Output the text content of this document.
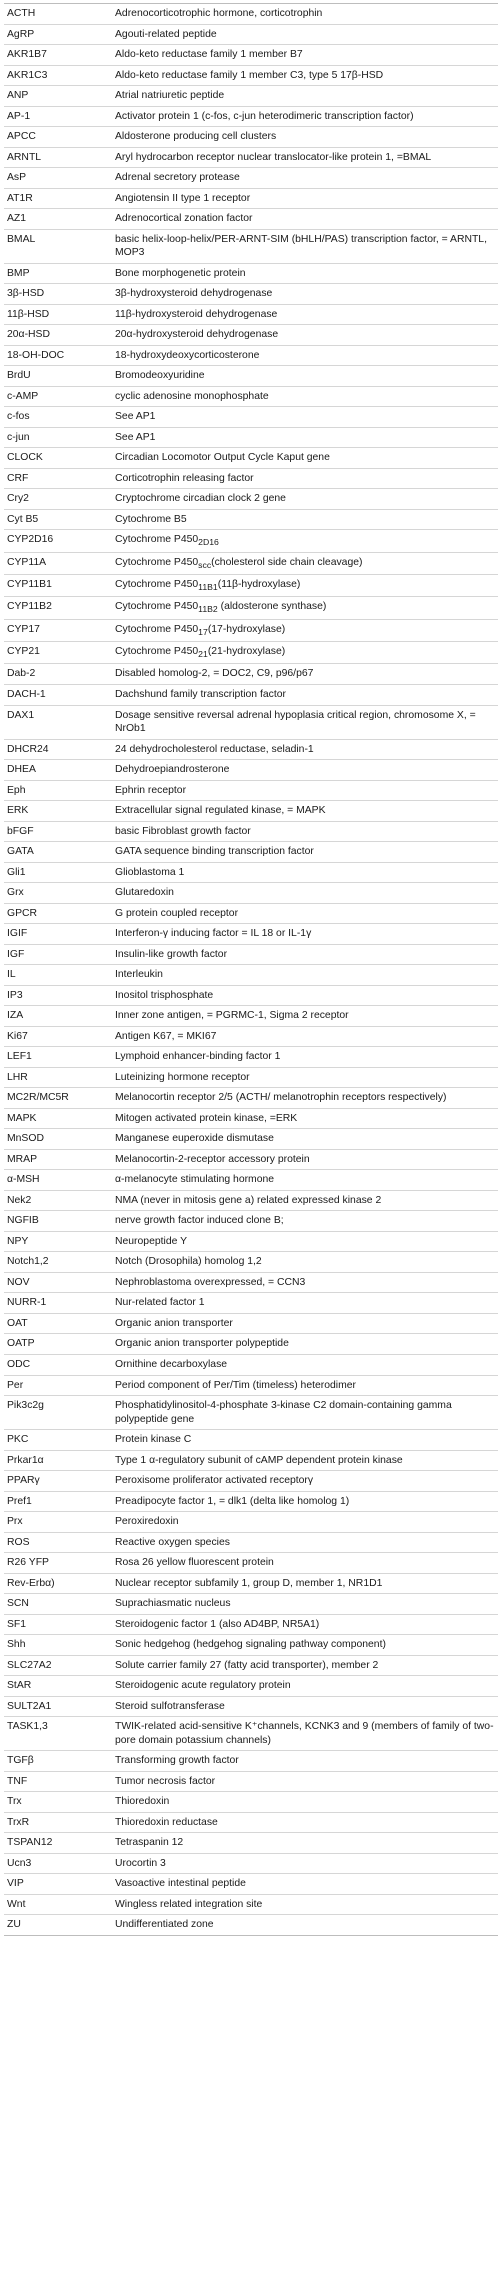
ACTH	Adrenocorticotrophic hormone, corticotrophin
AgRP	Agouti-related peptide
AKR1B7	Aldo-keto reductase family 1 member B7
AKR1C3	Aldo-keto reductase family 1 member C3, type 5 17β-HSD
ANP	Atrial natriuretic peptide
AP-1	Activator protein 1 (c-fos, c-jun heterodimeric transcription factor)
APCC	Aldosterone producing cell clusters
ARNTL	Aryl hydrocarbon receptor nuclear translocator-like protein 1, =BMAL
AsP	Adrenal secretory protease
AT1R	Angiotensin II type 1 receptor
AZ1	Adrenocortical zonation factor
BMAL	basic helix-loop-helix/PER-ARNT-SIM (bHLH/PAS) transcription factor, = ARNTL, MOP3
BMP	Bone morphogenetic protein
3β-HSD	3β-hydroxysteroid dehydrogenase
11β-HSD	11β-hydroxysteroid dehydrogenase
20α-HSD	20α-hydroxysteroid dehydrogenase
18-OH-DOC	18-hydroxydeoxycorticosterone
BrdU	Bromodeoxyuridine
c-AMP	cyclic adenosine monophosphate
c-fos	See AP1
c-jun	See AP1
CLOCK	Circadian Locomotor Output Cycle Kaput gene
CRF	Corticotrophin releasing factor
Cry2	Cryptochrome circadian clock 2 gene
Cyt B5	Cytochrome B5
CYP2D16	Cytochrome $P450_{2D16}$
CYP11A	Cytochrome $P450_{scc}(cholesterol$ side chain cleavage)
CYP11B1	Cytochrome $P450_{11B1}(11\beta-hydroxylase)$
CYP11B2	Cytochrome $P450_{11B2}$ (aldosterone synthase)
CYP17	Cytochrome $P450_{17}(17-hydroxylase)$
CYP21	Cytochrome $P450_{21}(21-hydroxylase)$
Dab-2	Disabled homolog-2, = DOC2, C9, p96/p67
DACH-1	Dachshund family transcription factor
DAX1	Dosage sensitive reversal adrenal hypoplasia critical region, chromosome X, = NrOb1
DHCR24	24 dehydrocholesterol reductase, seladin-1
DHEA	Dehydroepiandrosterone
Eph	Ephrin receptor
ERK	Extracellular signal regulated kinase, = MAPK
bFGF	basic Fibroblast growth factor
GATA	GATA sequence binding transcription factor
Gli1	Glioblastoma 1
Grx	Glutaredoxin
GPCR	G protein coupled receptor
IGIF	Interferon-γ inducing factor = IL 18 or IL-1γ
IGF	Insulin-like growth factor
IL	Interleukin
IP3	Inositol trisphosphate
IZA	Inner zone antigen, = PGRMC-1, Sigma 2 receptor
Ki67	Antigen K67, = MKI67
LEF1	Lymphoid enhancer-binding factor 1
LHR	Luteinizing hormone receptor
MC2R/MC5R	Melanocortin receptor 2/5 (ACTH/ melanotrophin receptors respectively)
MAPK	Mitogen activated protein kinase, =ERK
MnSOD	Manganese euperoxide dismutase
MRAP	Melanocortin-2-receptor accessory protein
α-MSH	α-melanocyte stimulating hormone
Nek2	NMA (never in mitosis gene a) related expressed kinase 2
NGFIB	nerve growth factor induced clone B;
NPY	Neuropeptide Y
Notch1,2	Notch (Drosophila) homolog 1,2
NOV	Nephroblastoma overexpressed, = CCN3
NURR-1	Nur-related factor 1
OAT	Organic anion transporter
OATP	Organic anion transporter polypeptide
ODC	Ornithine decarboxylase
Per	Period component of Per/Tim (timeless) heterodimer
Pik3c2g	Phosphatidylinositol-4-phosphate 3-kinase C2 domain-containing gamma polypeptide gene
PKC	Protein kinase C
Prkar1α	Type 1 α-regulatory subunit of cAMP dependent protein kinase
PPARγ	Peroxisome proliferator activated receptorγ
Pref1	Preadipocyte factor 1, = dlk1 (delta like homolog 1)
Prx	Peroxiredoxin
ROS	Reactive oxygen species
R26 YFP	Rosa 26 yellow fluorescent protein
Rev-Erbα)	Nuclear receptor subfamily 1, group D, member 1, NR1D1
SCN	Suprachiasmatic nucleus
SF1	Steroidogenic factor 1 (also AD4BP, NR5A1)
Shh	Sonic hedgehog (hedgehog signaling pathway component)
SLC27A2	Solute carrier family 27 (fatty acid transporter), member 2
StAR	Steroidogenic acute regulatory protein
SULT2A1	Steroid sulfotransferase
TASK1,3	TWIK-related acid-sensitive K⁺channels, KCNK3 and 9 (members of family of two-pore domain potassium channels)
TGFβ	Transforming growth factor
TNF	Tumor necrosis factor
Trx	Thioredoxin
TrxR	Thioredoxin reductase
TSPAN12	Tetraspanin 12
Ucn3	Urocortin 3
VIP	Vasoactive intestinal peptide
Wnt	Wingless related integration site
ZU	Undifferentiated zone
